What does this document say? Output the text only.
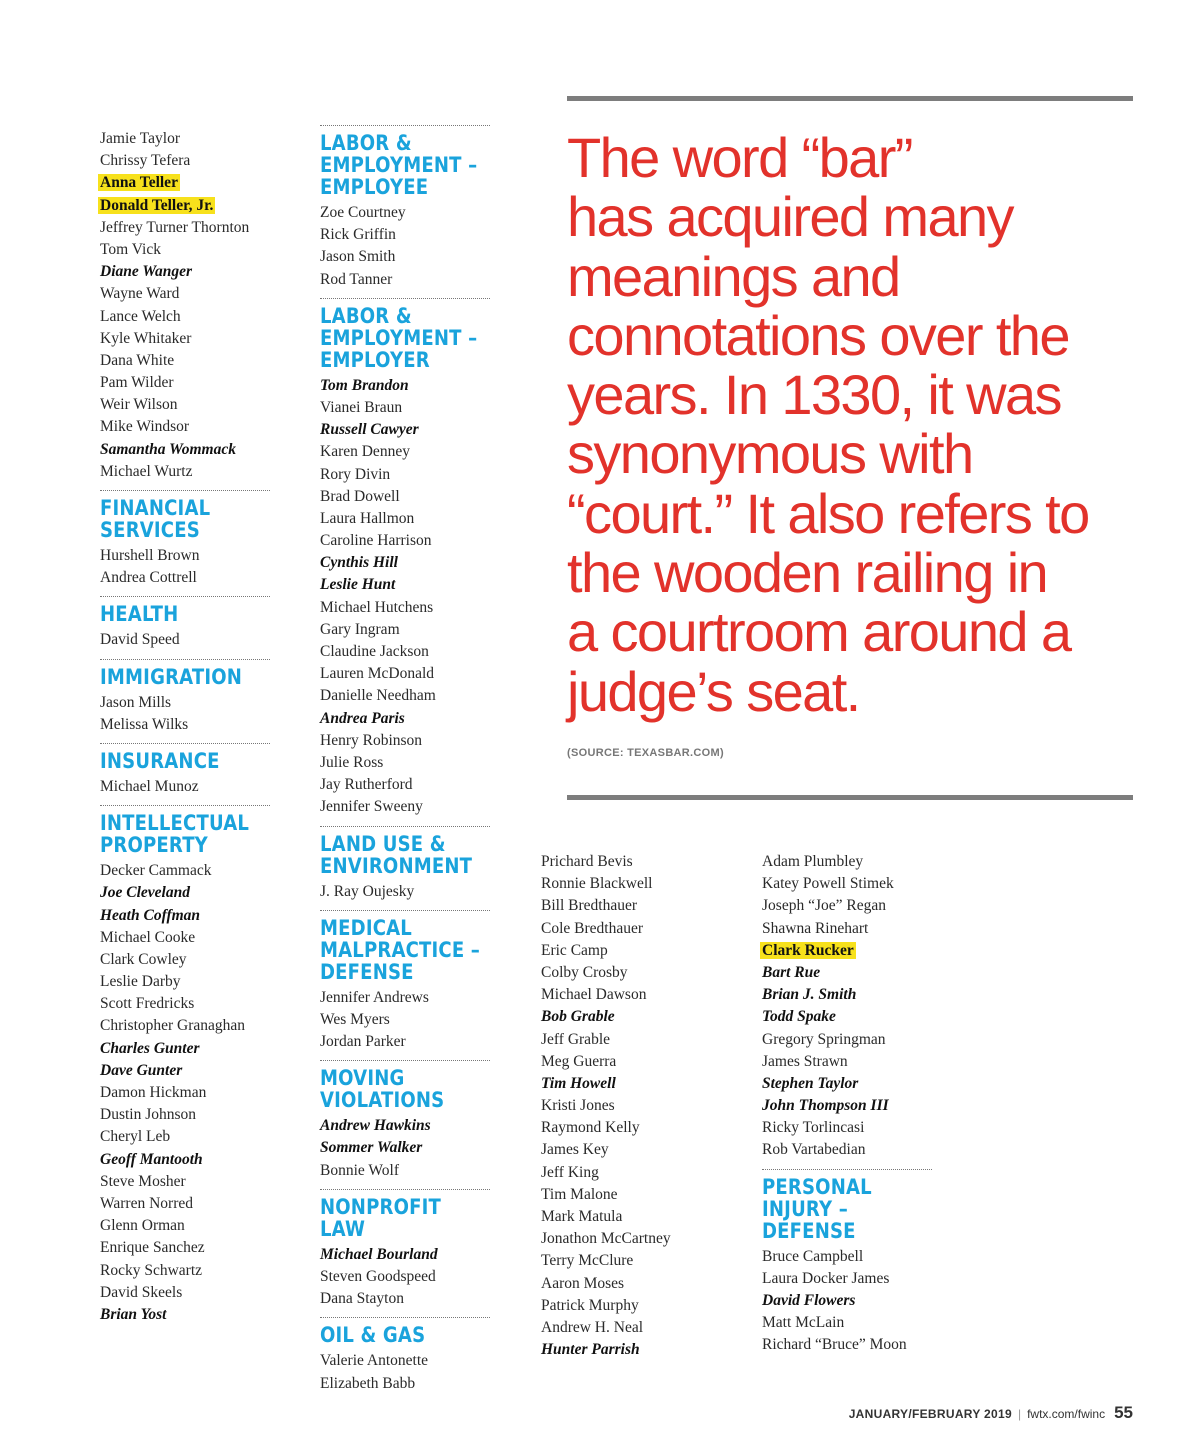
Jamie Taylor
Chrissy Tefera
Anna Teller
Donald Teller, Jr.
Jeffrey Turner Thornton
Tom Vick
Diane Wanger
Wayne Ward
Lance Welch
Kyle Whitaker
Dana White
Pam Wilder
Weir Wilson
Mike Windsor
Samantha Wommack
Michael Wurtz
FINANCIAL
SERVICES
Hurshell Brown
Andrea Cottrell
HEALTH
David Speed
IMMIGRATION
Jason Mills
Melissa Wilks
INSURANCE
Michael Munoz
INTELLECTUAL
PROPERTY
Decker Cammack
Joe Cleveland
Heath Coffman
Michael Cooke
Clark Cowley
Leslie Darby
Scott Fredricks
Christopher Granaghan
Charles Gunter
Dave Gunter
Damon Hickman
Dustin Johnson
Cheryl Leb
Geoff Mantooth
Steve Mosher
Warren Norred
Glenn Orman
Enrique Sanchez
Rocky Schwartz
David Skeels
Brian Yost
LABOR &
EMPLOYMENT –
EMPLOYEE
Zoe Courtney
Rick Griffin
Jason Smith
Rod Tanner
LABOR &
EMPLOYMENT –
EMPLOYER
Tom Brandon
Vianei Braun
Russell Cawyer
Karen Denney
Rory Divin
Brad Dowell
Laura Hallmon
Caroline Harrison
Cynthis Hill
Leslie Hunt
Michael Hutchens
Gary Ingram
Claudine Jackson
Lauren McDonald
Danielle Needham
Andrea Paris
Henry Robinson
Julie Ross
Jay Rutherford
Jennifer Sweeny
LAND USE &
ENVIRONMENT
J. Ray Oujesky
MEDICAL
MALPRACTICE –
DEFENSE
Jennifer Andrews
Wes Myers
Jordan Parker
MOVING
VIOLATIONS
Andrew Hawkins
Sommer Walker
Bonnie Wolf
NONPROFIT LAW
Michael Bourland
Steven Goodspeed
Dana Stayton
OIL & GAS
Valerie Antonette
Elizabeth Babb
Prichard Bevis
Ronnie Blackwell
Bill Bredthauer
Cole Bredthauer
Eric Camp
Colby Crosby
Michael Dawson
Bob Grable
Jeff Grable
Meg Guerra
Tim Howell
Kristi Jones
Raymond Kelly
James Key
Jeff King
Tim Malone
Mark Matula
Jonathon McCartney
Terry McClure
Aaron Moses
Patrick Murphy
Andrew H. Neal
Hunter Parrish
Adam Plumbley
Katey Powell Stimek
Joseph “Joe” Regan
Shawna Rinehart
Clark Rucker
Bart Rue
Brian J. Smith
Todd Spake
Gregory Springman
James Strawn
Stephen Taylor
John Thompson III
Ricky Torlincasi
Rob Vartabedian
PERSONAL
INJURY –
DEFENSE
Bruce Campbell
Laura Docker James
David Flowers
Matt McLain
Richard “Bruce” Moon
The word “bar”
has acquired many
meanings and
connotations over the
years. In 1330, it was
synonymous with
“court.” It also refers to
the wooden railing in
a courtroom around a
judge’s seat.
(SOURCE: TEXASBAR.COM)
JANUARY/FEBRUARY 2019 | fwtx.com/fwinc 55
